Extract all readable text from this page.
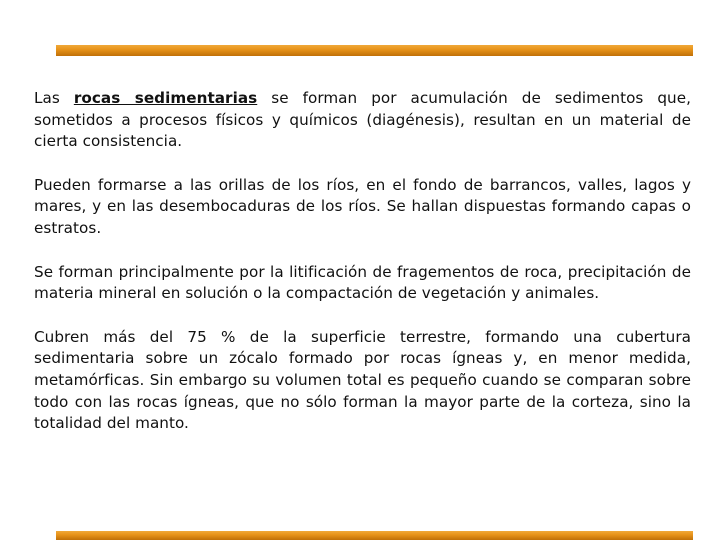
Las rocas sedimentarias se forman por acumulación de sedimentos que, sometidos a procesos físicos y químicos (diagénesis), resultan en un material de cierta consistencia.

Pueden formarse a las orillas de los ríos, en el fondo de barrancos, valles, lagos y mares, y en las desembocaduras de los ríos. Se hallan dispuestas formando capas o estratos.

Se forman principalmente por la litificación de fragementos de roca, precipitación de materia mineral en solución o la compactación de vegetación y animales.

Cubren más del 75 % de la superficie terrestre, formando una cubertura sedimentaria sobre un zócalo formado por rocas ígneas y, en menor medida, metamórficas. Sin embargo su volumen total es pequeño cuando se comparan sobre todo con las rocas ígneas, que no sólo forman la mayor parte de la corteza, sino la totalidad del manto.
